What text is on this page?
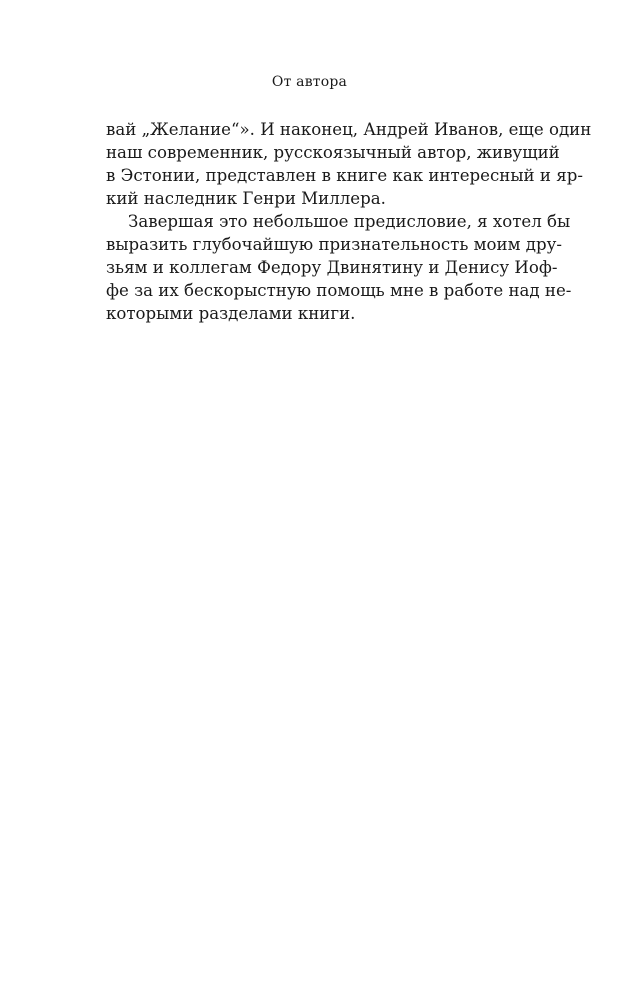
От автора
вай „Желание“». И наконец, Андрей Иванов, еще один
наш современник, русскоязычный автор, живущий
в Эстонии, представлен в книге как интересный и яр-
кий наследник Генри Миллера.
Завершая это небольшое предисловие, я хотел бы
выразить глубочайшую признательность моим дру-
зьям и коллегам Федору Двинятину и Денису Иоф-
фе за их бескорыстную помощь мне в работе над не-
которыми разделами книги.
